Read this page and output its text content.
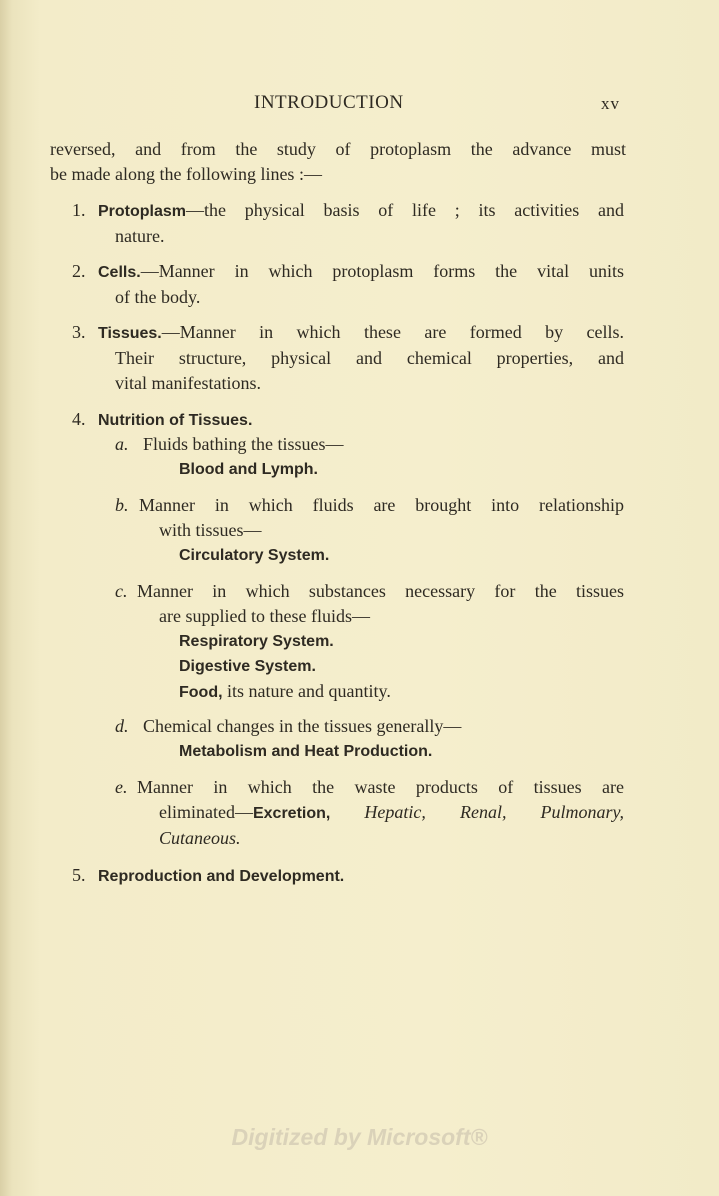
INTRODUCTION	xv
reversed, and from the study of protoplasm the advance must
be made along the following lines :—
1. Protoplasm—the physical basis of life ; its activities and
nature.
2. Cells.—Manner in which protoplasm forms the vital units
of the body.
3. Tissues.—Manner in which these are formed by cells.
Their structure, physical and chemical properties, and
vital manifestations.
4. Nutrition of Tissues.
a. Fluids bathing the tissues—
Blood and Lymph.
b. Manner in which fluids are brought into relationship
with tissues—
Circulatory System.
c. Manner in which substances necessary for the tissues
are supplied to these fluids—
Respiratory System.
Digestive System.
Food, its nature and quantity.
d. Chemical changes in the tissues generally—
Metabolism and Heat Production.
e. Manner in which the waste products of tissues are
eliminated—Excretion, Hepatic, Renal, Pulmonary,
Cutaneous.
5. Reproduction and Development.
Digitized by Microsoft®
